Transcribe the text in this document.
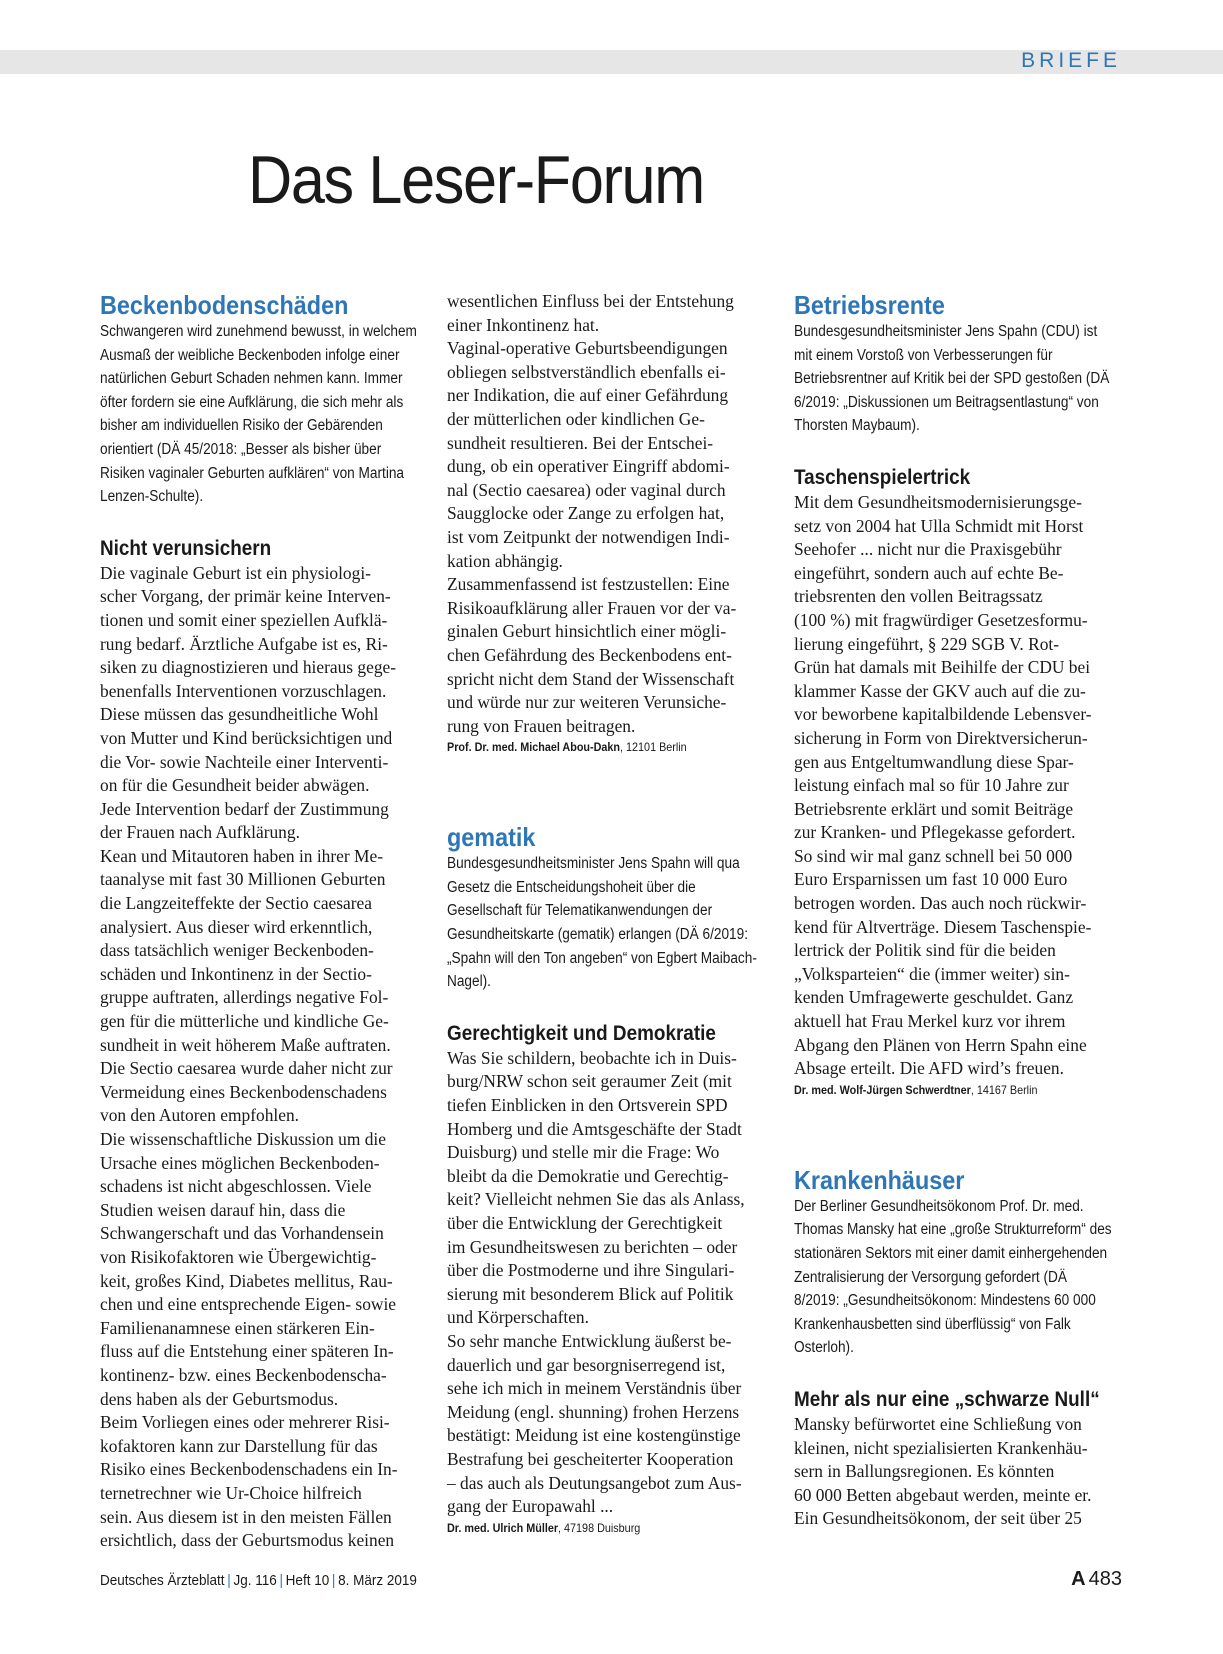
BRIEFE
Das Leser-Forum
Beckenbodenschäden

Schwangeren wird zunehmend bewusst, in welchem Ausmaß der weibliche Beckenboden infolge einer natürlichen Geburt Schaden nehmen kann. Immer öfter fordern sie eine Aufklärung, die sich mehr als bisher am individuellen Risiko der Gebärenden orientiert (DÄ 45/2018: „Besser als bisher über Risiken vaginaler Geburten aufklären“ von Martina Lenzen-Schulte).

Nicht verunsichern
Die vaginale Geburt ist ein physiologi-
scher Vorgang, der primär keine Interven-
tionen und somit einer speziellen Aufklä-
rung bedarf. Ärztliche Aufgabe ist es, Ri-
siken zu diagnostizieren und hieraus gege-
benenfalls Interventionen vorzuschlagen.
Diese müssen das gesundheitliche Wohl
von Mutter und Kind berücksichtigen und
die Vor- sowie Nachteile einer Interventi-
on für die Gesundheit beider abwägen.
Jede Intervention bedarf der Zustimmung
der Frauen nach Aufklärung.
Kean und Mitautoren haben in ihrer Me-
taanalyse mit fast 30 Millionen Geburten
die Langzeiteffekte der Sectio caesarea
analysiert. Aus dieser wird erkenntlich,
dass tatsächlich weniger Beckenboden-
schäden und Inkontinenz in der Sectio-
gruppe auftraten, allerdings negative Fol-
gen für die mütterliche und kindliche Ge-
sundheit in weit höherem Maße auftraten.
Die Sectio caesarea wurde daher nicht zur
Vermeidung eines Beckenbodenschadens
von den Autoren empfohlen.
Die wissenschaftliche Diskussion um die
Ursache eines möglichen Beckenboden-
schadens ist nicht abgeschlossen. Viele
Studien weisen darauf hin, dass die
Schwangerschaft und das Vorhandensein
von Risikofaktoren wie Übergewichtig-
keit, großes Kind, Diabetes mellitus, Rau-
chen und eine entsprechende Eigen- sowie
Familienanamnese einen stärkeren Ein-
fluss auf die Entstehung einer späteren In-
kontinenz- bzw. eines Beckenbodenscha-
dens haben als der Geburtsmodus.
Beim Vorliegen eines oder mehrerer Risi-
kofaktoren kann zur Darstellung für das
Risiko eines Beckenbodenschadens ein In-
ternetrechner wie Ur-Choice hilfreich
sein. Aus diesem ist in den meisten Fällen
ersichtlich, dass der Geburtsmodus keinen
wesentlichen Einfluss bei der Entstehung
einer Inkontinenz hat.
Vaginal-operative Geburtsbeendigungen
obliegen selbstverständlich ebenfalls ei-
ner Indikation, die auf einer Gefährdung
der mütterlichen oder kindlichen Ge-
sundheit resultieren. Bei der Entschei-
dung, ob ein operativer Eingriff abdomi-
nal (Sectio caesarea) oder vaginal durch
Saugglocke oder Zange zu erfolgen hat,
ist vom Zeitpunkt der notwendigen Indi-
kation abhängig.
Zusammenfassend ist festzustellen: Eine
Risikoaufklärung aller Frauen vor der va-
ginalen Geburt hinsichtlich einer mögli-
chen Gefährdung des Beckenbodens ent-
spricht nicht dem Stand der Wissenschaft
und würde nur zur weiteren Verunsiche-
rung von Frauen beitragen.

Prof. Dr. med. Michael Abou-Dakn, 12101 Berlin

gematik

Bundesgesundheitsminister Jens Spahn will qua Gesetz die Entscheidungshoheit über die Gesellschaft für Telematikanwendungen der Gesundheitskarte (gematik) erlangen (DÄ 6/2019: „Spahn will den Ton angeben“ von Egbert Maibach-Nagel).

Gerechtigkeit und Demokratie
Was Sie schildern, beobachte ich in Duis-
burg/NRW schon seit geraumer Zeit (mit
tiefen Einblicken in den Ortsverein SPD
Homberg und die Amtsgeschäfte der Stadt
Duisburg) und stelle mir die Frage: Wo
bleibt da die Demokratie und Gerechtig-
keit? Vielleicht nehmen Sie das als Anlass,
über die Entwicklung der Gerechtigkeit
im Gesundheitswesen zu berichten – oder
über die Postmoderne und ihre Singulari-
sierung mit besonderem Blick auf Politik
und Körperschaften.
So sehr manche Entwicklung äußerst be-
dauerlich und gar besorgniserregend ist,
sehe ich mich in meinem Verständnis über
Meidung (engl. shunning) frohen Herzens
bestätigt: Meidung ist eine kostengünstige
Bestrafung bei gescheiterter Kooperation
– das auch als Deutungsangebot zum Aus-
gang der Europawahl ...

Dr. med. Ulrich Müller, 47198 Duisburg

Betriebsrente

Bundesgesundheitsminister Jens Spahn (CDU) ist mit einem Vorstoß von Verbesserungen für Betriebsrentner auf Kritik bei der SPD gestoßen (DÄ 6/2019: „Diskussionen um Beitragsentlastung“ von Thorsten Maybaum).

Taschenspielertrick
Mit dem Gesundheitsmodernisierungsge-
setz von 2004 hat Ulla Schmidt mit Horst
Seehofer ... nicht nur die Praxisgebühr
eingeführt, sondern auch auf echte Be-
triebsrenten den vollen Beitragssatz
(100 %) mit fragwürdiger Gesetzesformu-
lierung eingeführt, § 229 SGB V. Rot-
Grün hat damals mit Beihilfe der CDU bei
klammer Kasse der GKV auch auf die zu-
vor beworbene kapitalbildende Lebensver-
sicherung in Form von Direktversicherun-
gen aus Entgeltumwandlung diese Spar-
leistung einfach mal so für 10 Jahre zur
Betriebsrente erklärt und somit Beiträge
zur Kranken- und Pflegekasse gefordert.
So sind wir mal ganz schnell bei 50 000
Euro Ersparnissen um fast 10 000 Euro
betrogen worden. Das auch noch rückwir-
kend für Altverträge. Diesem Taschenspie-
lertrick der Politik sind für die beiden
„Volksparteien“ die (immer weiter) sin-
kenden Umfragewerte geschuldet. Ganz
aktuell hat Frau Merkel kurz vor ihrem
Abgang den Plänen von Herrn Spahn eine
Absage erteilt. Die AFD wird’s freuen.

Dr. med. Wolf-Jürgen Schwerdtner, 14167 Berlin

Krankenhäuser

Der Berliner Gesundheitsökonom Prof. Dr. med. Thomas Mansky hat eine „große Strukturreform“ des stationären Sektors mit einer damit einhergehenden Zentralisierung der Versorgung gefordert (DÄ 8/2019: „Gesundheitsökonom: Mindestens 60 000 Krankenhausbetten sind überflüssig“ von Falk Osterloh).

Mehr als nur eine „schwarze Null“
Mansky befürwortet eine Schließung von
kleinen, nicht spezialisierten Krankenhäu-
sern in Ballungsregionen. Es könnten
60 000 Betten abgebaut werden, meinte er.
Ein Gesundheitsökonom, der seit über 25
Deutsches Ärzteblatt | Jg. 116 | Heft 10 | 8. März 2019	A 483
